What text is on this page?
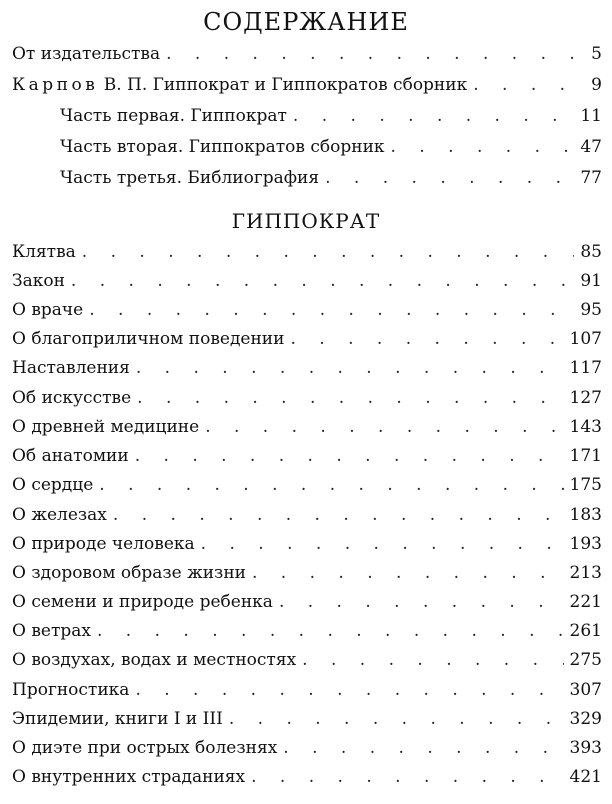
СОДЕРЖАНИЕ
От издательства . . .	5
Карпов В. П. Гиппократ и Гиппократов сборник . . .	9
Часть первая. Гиппократ . . .	11
Часть вторая. Гиппократов сборник . . .	47
Часть третья. Библиография . . .	77
ГИППОКРАТ
Клятва . . .	85
Закон . . .	91
О враче . . .	95
О благоприличном поведении . . .	107
Наставления . . .	117
Об искусстве . . .	127
О древней медицине . . .	143
Об анатомии . . .	171
О сердце . . .	175
О железах . . .	183
О природе человека . . .	193
О здоровом образе жизни . . .	213
О семени и природе ребенка . . .	221
О ветрах . . .	261
О воздухах, водах и местностях . . .	275
Прогностика . . .	307
Эпидемии, книги I и III . . .	329
О диэте при острых болезнях . . .	393
О внутренних страданиях . . .	421
